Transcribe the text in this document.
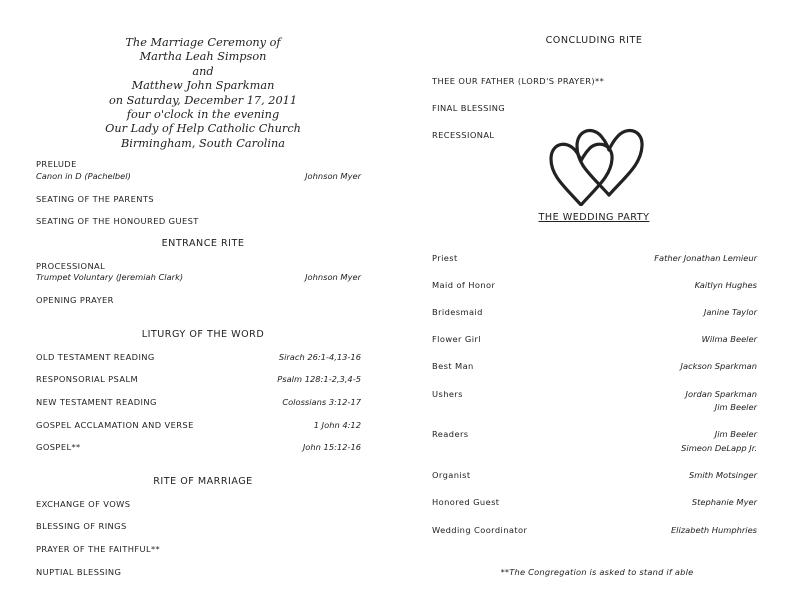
The Marriage Ceremony of
Martha Leah Simpson
and
Matthew John Sparkman
on Saturday, December 17, 2011
four o'clock in the evening
Our Lady of Help Catholic Church
Birmingham, South Carolina
PRELUDE
Canon in D (Pachelbel)	Johnson Myer
SEATING OF THE PARENTS
SEATING OF THE HONOURED GUEST
ENTRANCE RITE
PROCESSIONAL
Trumpet Voluntary (Jeremiah Clark)	Johnson Myer
OPENING PRAYER
LITURGY OF THE WORD
OLD TESTAMENT READING	Sirach 26:1-4,13-16
RESPONSORIAL PSALM	Psalm 128:1-2,3,4-5
NEW TESTAMENT READING	Colossians 3:12-17
GOSPEL ACCLAMATION AND VERSE	1 John 4:12
GOSPEL**	John 15:12-16
RITE OF MARRIAGE
EXCHANGE OF VOWS
BLESSING OF RINGS
PRAYER OF THE FAITHFUL**
NUPTIAL BLESSING
CONCLUDING RITE
THEE OUR FATHER (LORD'S PRAYER)**
FINAL BLESSING
RECESSIONAL
THE WEDDING PARTY
Priest	Father Jonathan Lemieur
Maid of Honor	Kaitlyn Hughes
Bridesmaid	Janine Taylor
Flower Girl	Wilma Beeler
Best Man	Jackson Sparkman
Ushers	Jordan Sparkman
Jim Beeler
Readers	Jim Beeler
Simeon DeLapp Jr.
Organist	Smith Motsinger
Honored Guest	Stephanie Myer
Wedding Coordinator	Elizabeth Humphries
**The Congregation is asked to stand if able
